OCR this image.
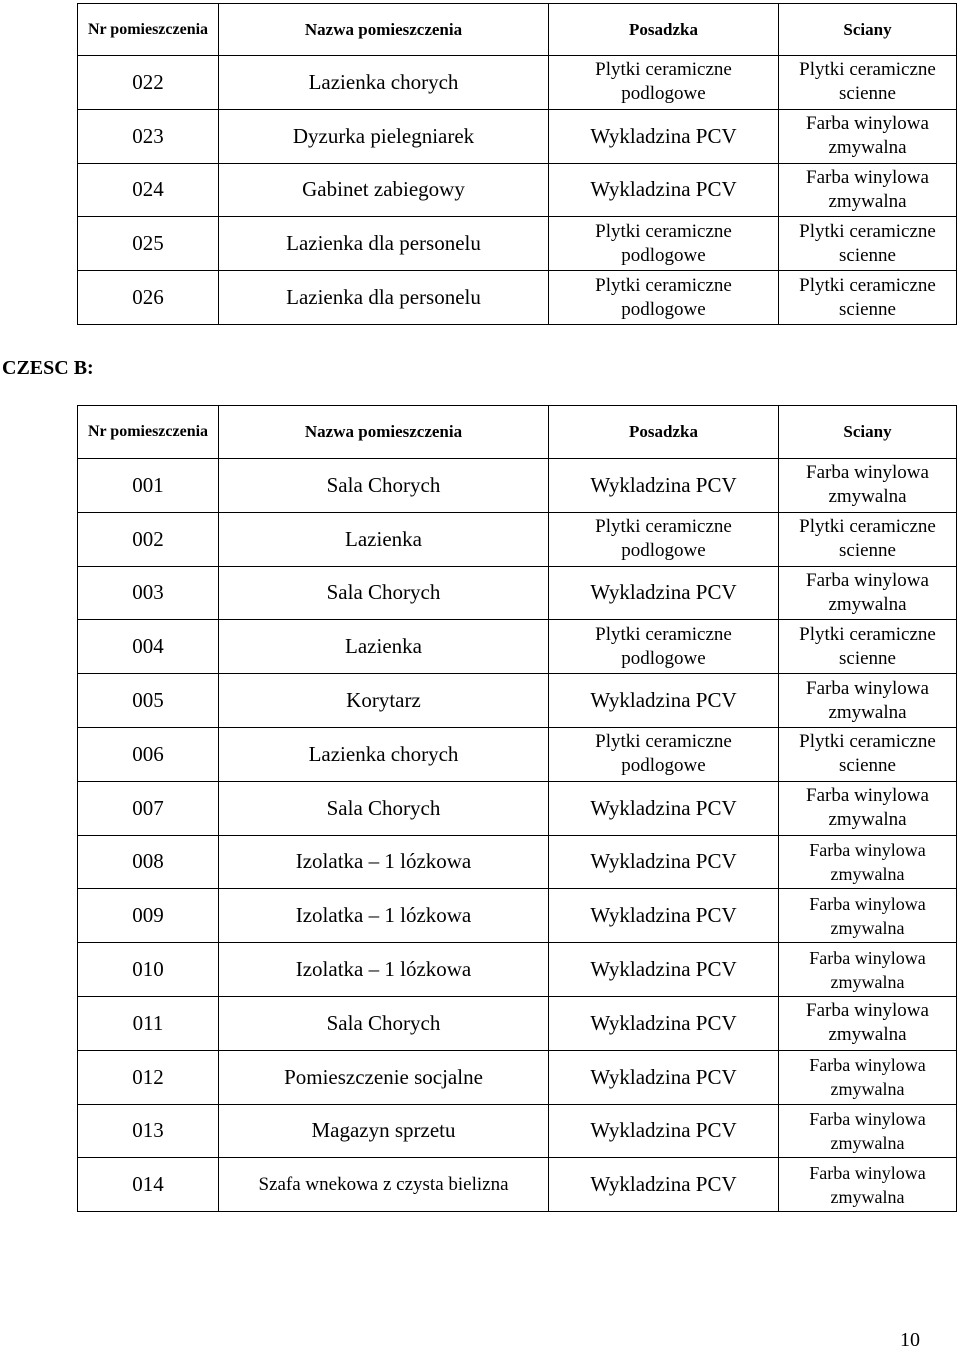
Nr pomieszczenia	Nazwa pomieszczenia	Posadzka	Sciany
022	Lazienka chorych	Plytki ceramiczne podlogowe	Plytki ceramiczne scienne
023	Dyzurka pielegniarek	Wykladzina PCV	Farba winylowa zmywalna
024	Gabinet zabiegowy	Wykladzina PCV	Farba winylowa zmywalna
025	Lazienka dla personelu	Plytki ceramiczne podlogowe	Plytki ceramiczne scienne
026	Lazienka dla personelu	Plytki ceramiczne podlogowe	Plytki ceramiczne scienne

CZESC B:

Nr pomieszczenia	Nazwa pomieszczenia	Posadzka	Sciany
001	Sala Chorych	Wykladzina PCV	Farba winylowa zmywalna
002	Lazienka	Plytki ceramiczne podlogowe	Plytki ceramiczne scienne
003	Sala Chorych	Wykladzina PCV	Farba winylowa zmywalna
004	Lazienka	Plytki ceramiczne podlogowe	Plytki ceramiczne scienne
005	Korytarz	Wykladzina PCV	Farba winylowa zmywalna
006	Lazienka chorych	Plytki ceramiczne podlogowe	Plytki ceramiczne scienne
007	Sala Chorych	Wykladzina PCV	Farba winylowa zmywalna
008	Izolatka – 1 lózkowa	Wykladzina PCV	Farba winylowa zmywalna
009	Izolatka – 1 lózkowa	Wykladzina PCV	Farba winylowa zmywalna
010	Izolatka – 1 lózkowa	Wykladzina PCV	Farba winylowa zmywalna
011	Sala Chorych	Wykladzina PCV	Farba winylowa zmywalna
012	Pomieszczenie socjalne	Wykladzina PCV	Farba winylowa zmywalna
013	Magazyn sprzetu	Wykladzina PCV	Farba winylowa zmywalna
014	Szafa wnekowa z czysta bielizna	Wykladzina PCV	Farba winylowa zmywalna
10
